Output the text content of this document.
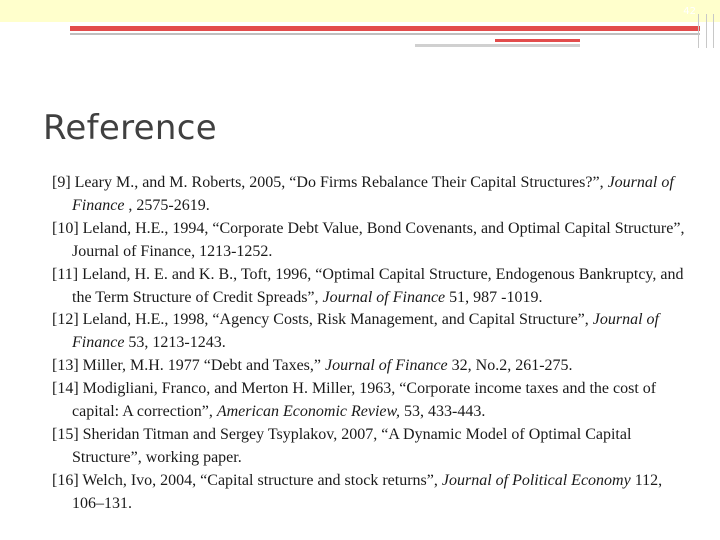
42
Reference
[9] Leary M., and M. Roberts, 2005, “Do Firms Rebalance Their Capital Structures?”, Journal of Finance , 2575-2619.
[10] Leland, H.E., 1994, “Corporate Debt Value, Bond Covenants, and Optimal Capital Structure”, Journal of Finance, 1213-1252.
[11] Leland, H. E. and K. B., Toft, 1996, “Optimal Capital Structure, Endogenous Bankruptcy, and the Term Structure of Credit Spreads”, Journal of Finance 51, 987 -1019.
[12] Leland, H.E., 1998, “Agency Costs, Risk Management, and Capital Structure”, Journal of Finance 53, 1213-1243.
[13] Miller, M.H. 1977 “Debt and Taxes,” Journal of Finance 32, No.2, 261-275.
[14] Modigliani, Franco, and Merton H. Miller, 1963, “Corporate income taxes and the cost of capital: A correction”, American Economic Review, 53, 433-443.
[15] Sheridan Titman and Sergey Tsyplakov, 2007, “A Dynamic Model of Optimal Capital Structure”, working paper.
[16] Welch, Ivo, 2004, “Capital structure and stock returns”, Journal of Political Economy 112, 106–131.
